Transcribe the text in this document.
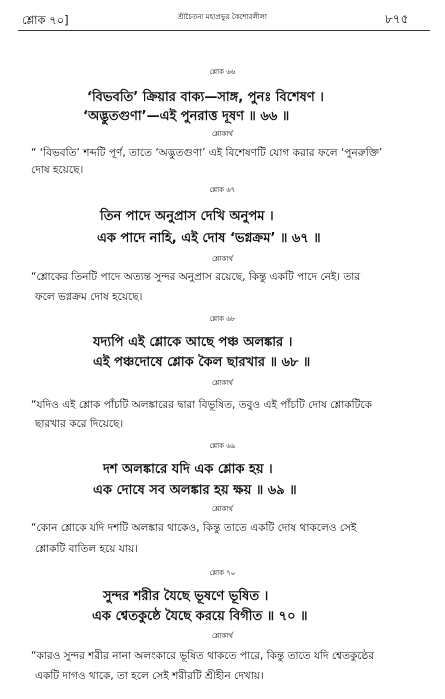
শ্লোক ৭০]	শ্রীচৈতন্য মহাপ্রভুর কৈশোরলীলা	৮৭৫
শ্লোক ৬৬
‘বিভবতি’ ক্রিয়ার বাক্য—সাঙ্গ, পুনঃ বিশেষণ ।
‘অদ্ভুতগুণা’—এই পুনরাত্ত দূষণ ॥ ৬৬ ॥
শ্লোকার্থ
“ ‘বিভবতি’ শব্দটি পূর্ণ, তাতে ‘অদ্ভুতগুণা’ এই বিশেষণটি যোগ করার ফলে ‘পুনরুক্তি’
দোষ হয়েছে।
শ্লোক ৬৭
তিন পাদে অনুপ্রাস দেখি অনুপম ।
এক পাদে নাহি, এই দোষ ‘ভগ্নক্রম’ ॥ ৬৭ ॥
শ্লোকার্থ
“শ্লোকের তিনটি পাদে অত্যন্ত সুন্দর অনুপ্রাস রয়েছে, কিন্তু একটি পাদে নেই। তার
ফলে ভগ্নক্রম দোষ হয়েছে।
শ্লোক ৬৮
যদ্যপি এই শ্লোকে আছে পঞ্চ অলঙ্কার ।
এই পঞ্চদোষে শ্লোক কৈল ছারখার ॥ ৬৮ ॥
শ্লোকার্থ
“যদিও এই শ্লোক পাঁচটি অলঙ্কারের দ্বারা বিভূষিত, তবুও এই পাঁচটি দোষ শ্লোকটিকে
ছারখার করে দিয়েছে।
শ্লোক ৬৯
দশ অলঙ্কারে যদি এক শ্লোক হয় ।
এক দোষে সব অলঙ্কার হয় ক্ষয় ॥ ৬৯ ॥
শ্লোকার্থ
“কোন শ্লোকে যদি দশটি অলঙ্কার থাকেও, কিন্তু তাতে একটি দোষ থাকলেও সেই
শ্লোকটি বাতিল হয়ে যায়।
শ্লোক ৭০
সুন্দর শরীর যৈছে ভূষণে ভূষিত ।
এক শ্বেতকুষ্ঠে যৈছে করয়ে বিগীত ॥ ৭০ ॥
শ্লোকার্থ
“কারও সুন্দর শরীর নানা অলংকারে ভূষিত থাকতে পারে, কিন্তু তাতে যদি শ্বেতকুষ্ঠের
একটি দাগও থাকে, তা হলে সেই শরীরটি শ্রীহীন দেখায়।
